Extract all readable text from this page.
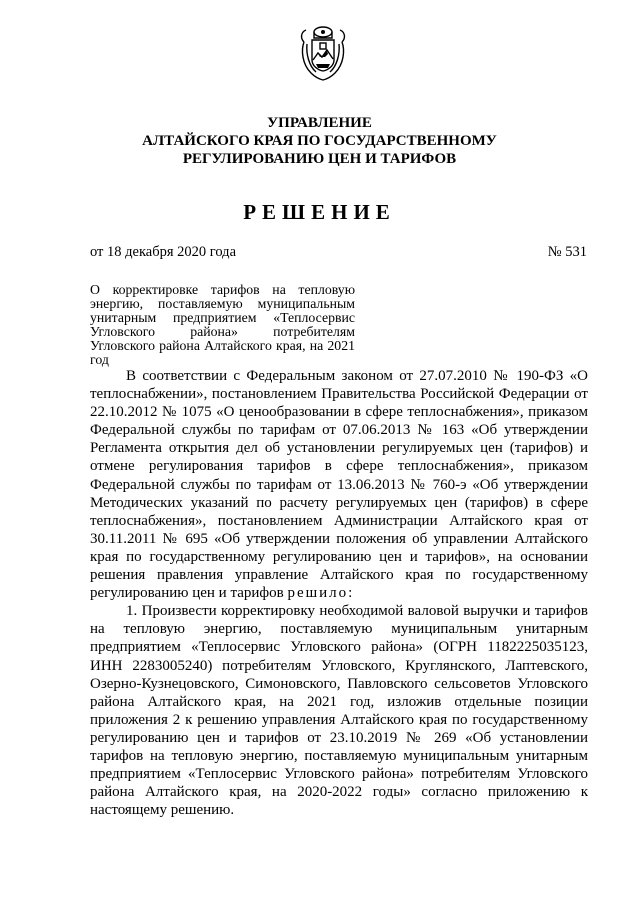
УПРАВЛЕНИЕ
АЛТАЙСКОГО КРАЯ ПО ГОСУДАРСТВЕННОМУ
РЕГУЛИРОВАНИЮ ЦЕН И ТАРИФОВ
РЕШЕНИЕ
от 18 декабря 2020 года	№ 531
О корректировке тарифов на тепловую энергию, поставляемую муниципальным унитарным предприятием «Теплосервис Угловского района» потребителям Угловского района Алтайского края, на 2021 год

В соответствии с Федеральным законом от 27.07.2010 № 190-ФЗ «О теплоснабжении», постановлением Правительства Российской Федерации от 22.10.2012 № 1075 «О ценообразовании в сфере теплоснабжения», приказом Федеральной службы по тарифам от 07.06.2013 № 163 «Об утверждении Регламента открытия дел об установлении регулируемых цен (тарифов) и отмене регулирования тарифов в сфере теплоснабжения», приказом Федеральной службы по тарифам от 13.06.2013 № 760-э «Об утверждении Методических указаний по расчету регулируемых цен (тарифов) в сфере теплоснабжения», постановлением Администрации Алтайского края от 30.11.2011 № 695 «Об утверждении положения об управлении Алтайского края по государственному регулированию цен и тарифов», на основании решения правления управление Алтайского края по государственному регулированию цен и тарифов решило:

1. Произвести корректировку необходимой валовой выручки и тарифов на тепловую энергию, поставляемую муниципальным унитарным предприятием «Теплосервис Угловского района» (ОГРН 1182225035123, ИНН 2283005240) потребителям Угловского, Круглянского, Лаптевского, Озерно-Кузнецовского, Симоновского, Павловского сельсоветов Угловского района Алтайского края, на 2021 год, изложив отдельные позиции приложения 2 к решению управления Алтайского края по государственному регулированию цен и тарифов от 23.10.2019 № 269 «Об установлении тарифов на тепловую энергию, поставляемую муниципальным унитарным предприятием «Теплосервис Угловского района» потребителям Угловского района Алтайского края, на 2020-2022 годы» согласно приложению к настоящему решению.
